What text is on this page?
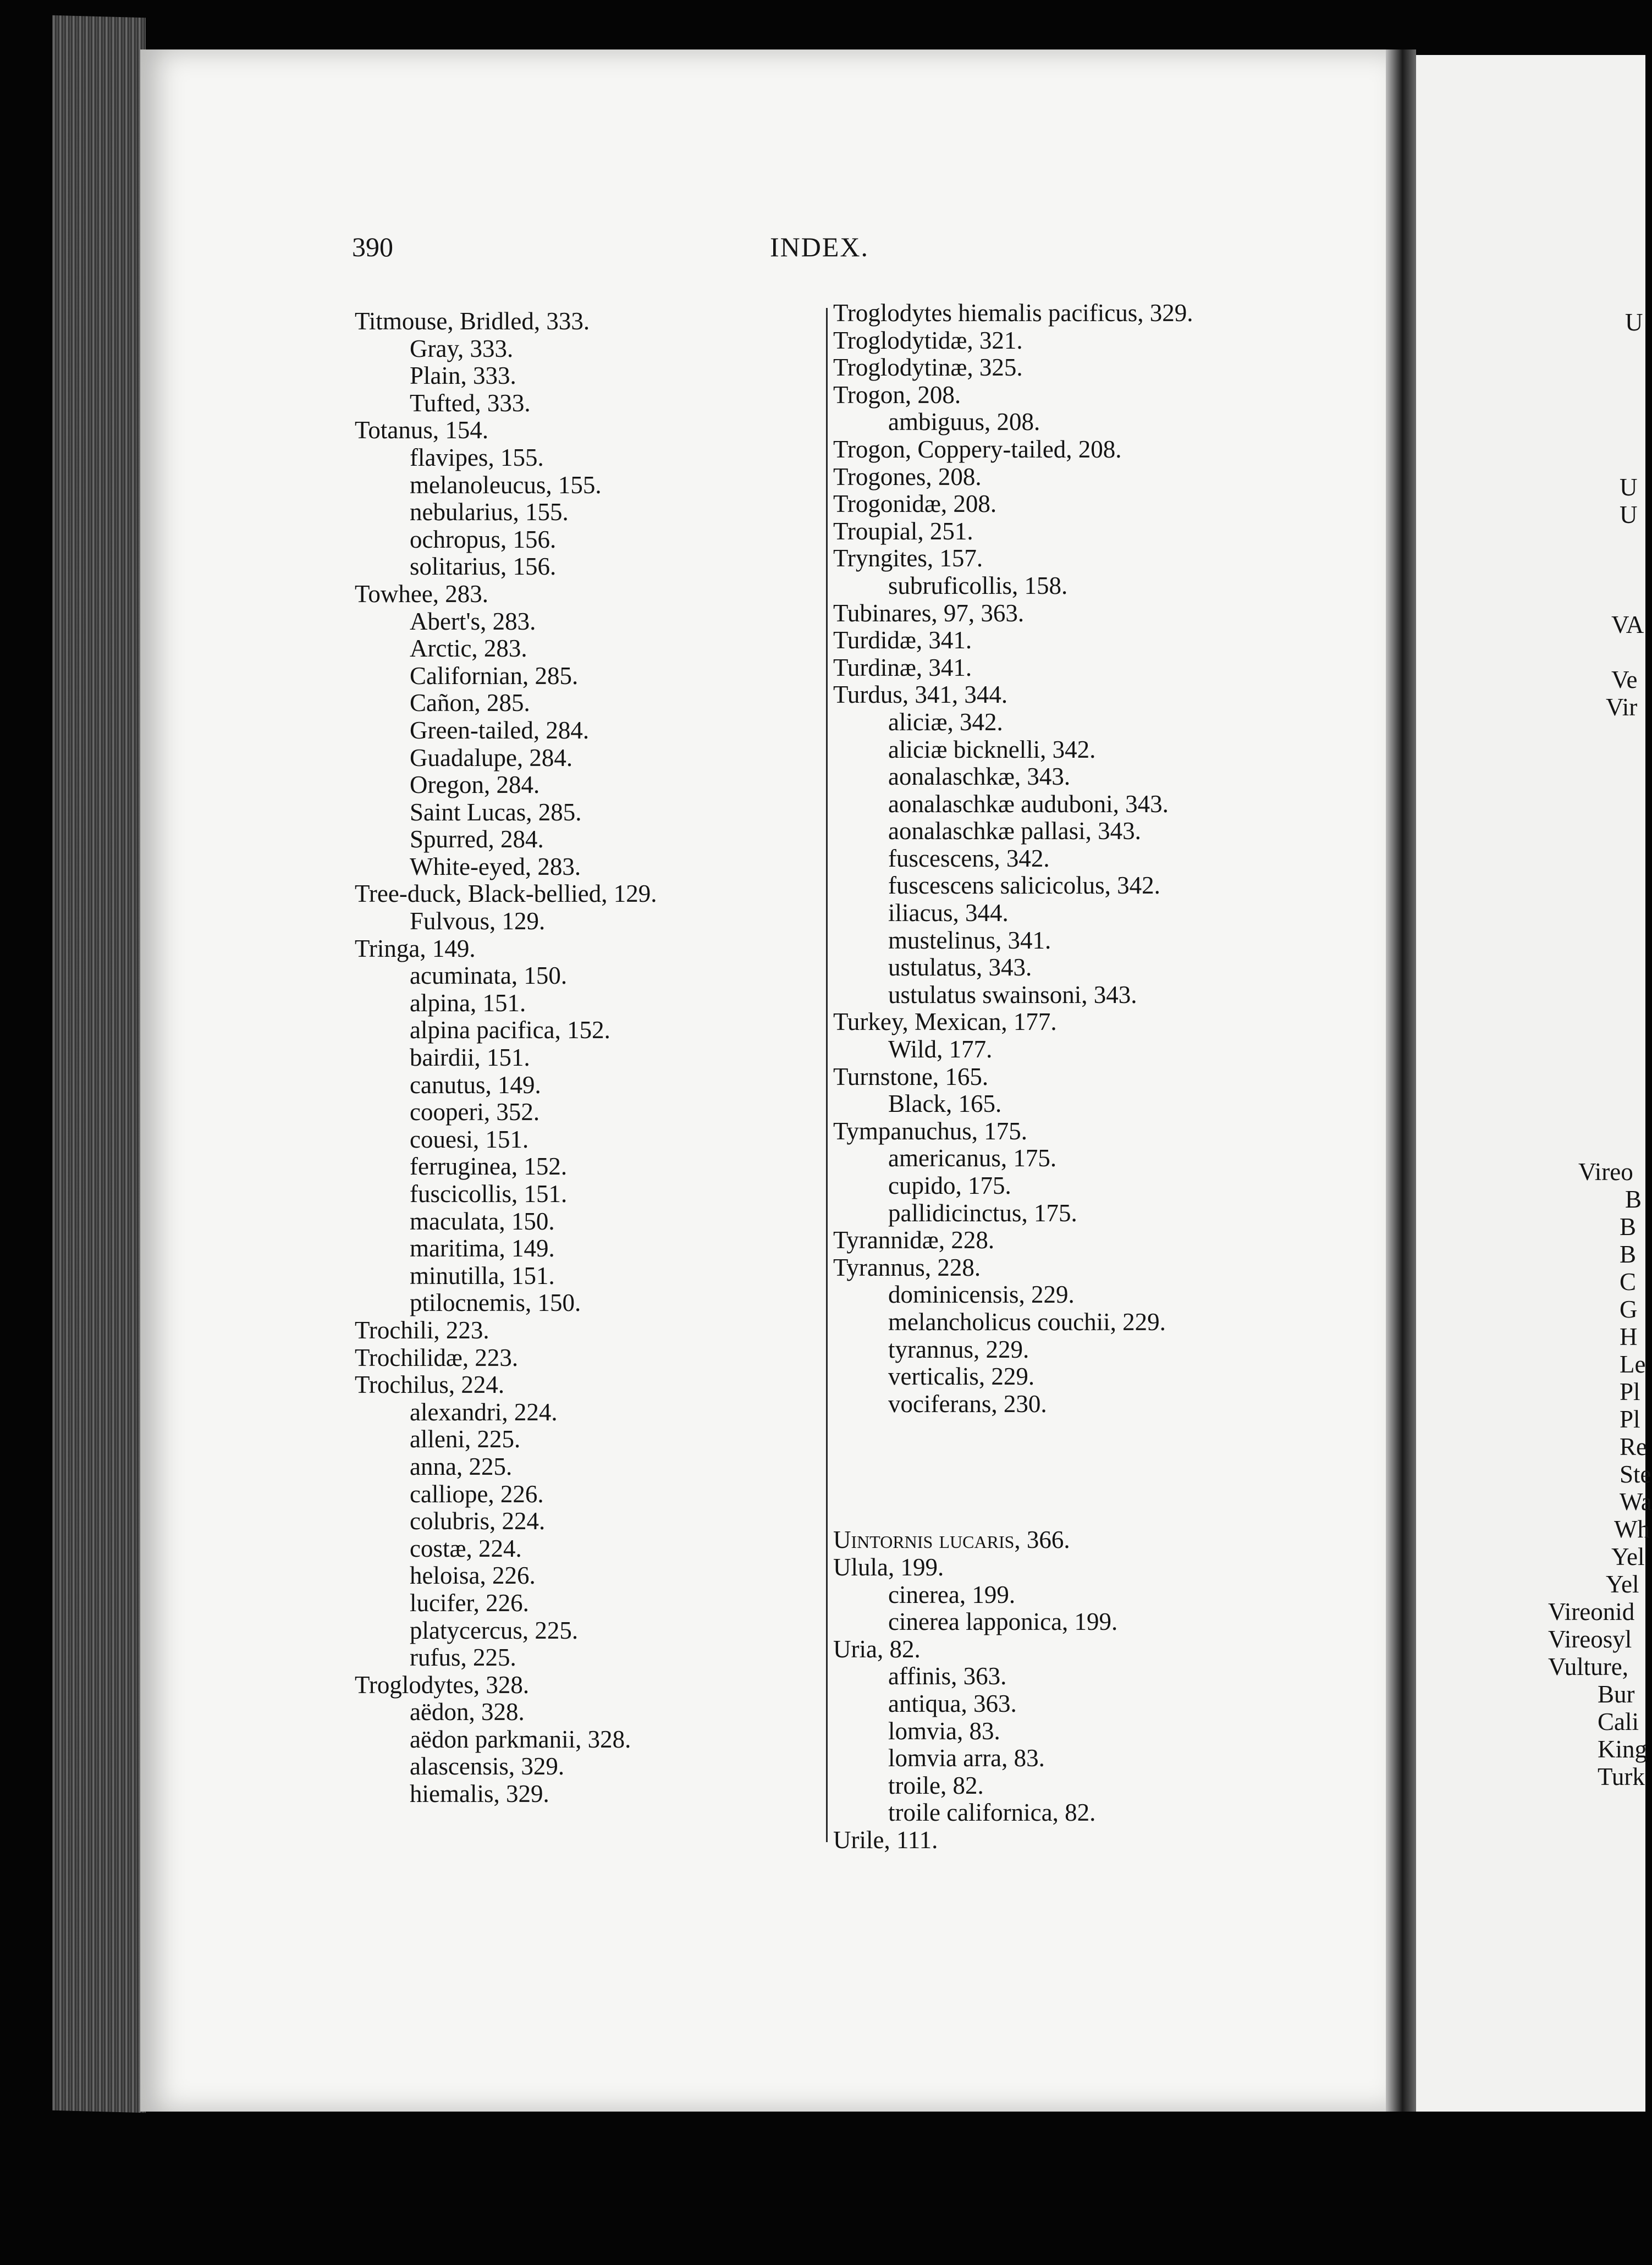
390	INDEX.
Titmouse, Bridled, 333.
Gray, 333.
Plain, 333.
Tufted, 333.
Totanus, 154.
flavipes, 155.
melanoleucus, 155.
nebularius, 155.
ochropus, 156.
solitarius, 156.
Towhee, 283.
Abert's, 283.
Arctic, 283.
Californian, 285.
Cañon, 285.
Green-tailed, 284.
Guadalupe, 284.
Oregon, 284.
Saint Lucas, 285.
Spurred, 284.
White-eyed, 283.
Tree-duck, Black-bellied, 129.
Fulvous, 129.
Tringa, 149.
acuminata, 150.
alpina, 151.
alpina pacifica, 152.
bairdii, 151.
canutus, 149.
cooperi, 352.
couesi, 151.
ferruginea, 152.
fuscicollis, 151.
maculata, 150.
maritima, 149.
minutilla, 151.
ptilocnemis, 150.
Trochili, 223.
Trochilidæ, 223.
Trochilus, 224.
alexandri, 224.
alleni, 225.
anna, 225.
calliope, 226.
colubris, 224.
costæ, 224.
heloisa, 226.
lucifer, 226.
platycercus, 225.
rufus, 225.
Troglodytes, 328.
aëdon, 328.
aëdon parkmanii, 328.
alascensis, 329.
hiemalis, 329.
Troglodytes hiemalis pacificus, 329.
Troglodytidæ, 321.
Troglodytinæ, 325.
Trogon, 208.
ambiguus, 208.
Trogon, Coppery-tailed, 208.
Trogones, 208.
Trogonidæ, 208.
Troupial, 251.
Tryngites, 157.
subruficollis, 158.
Tubinares, 97, 363.
Turdidæ, 341.
Turdinæ, 341.
Turdus, 341, 344.
aliciæ, 342.
aliciæ bicknelli, 342.
aonalaschkæ, 343.
aonalaschkæ auduboni, 343.
aonalaschkæ pallasi, 343.
fuscescens, 342.
fuscescens salicicolus, 342.
iliacus, 344.
mustelinus, 341.
ustulatus, 343.
ustulatus swainsoni, 343.
Turkey, Mexican, 177.
Wild, 177.
Turnstone, 165.
Black, 165.
Tympanuchus, 175.
americanus, 175.
cupido, 175.
pallidicinctus, 175.
Tyrannidæ, 228.
Tyrannus, 228.
dominicensis, 229.
melancholicus couchii, 229.
tyrannus, 229.
verticalis, 229.
vociferans, 230.
Uintornis lucaris, 366.
Ulula, 199.
cinerea, 199.
cinerea lapponica, 199.
Uria, 82.
affinis, 363.
antiqua, 363.
lomvia, 83.
lomvia arra, 83.
troile, 82.
troile californica, 82.
Urile, 111.
U
U
U
VA
Ve
Vir
Vireo
B
B
B
C
G
H
Le
Pl
Pl
Re
Ste
Wa
Wh
Yel
Yel
Vireonid
Vireosyl
Vulture,
Bur
Cali
King
Turk
